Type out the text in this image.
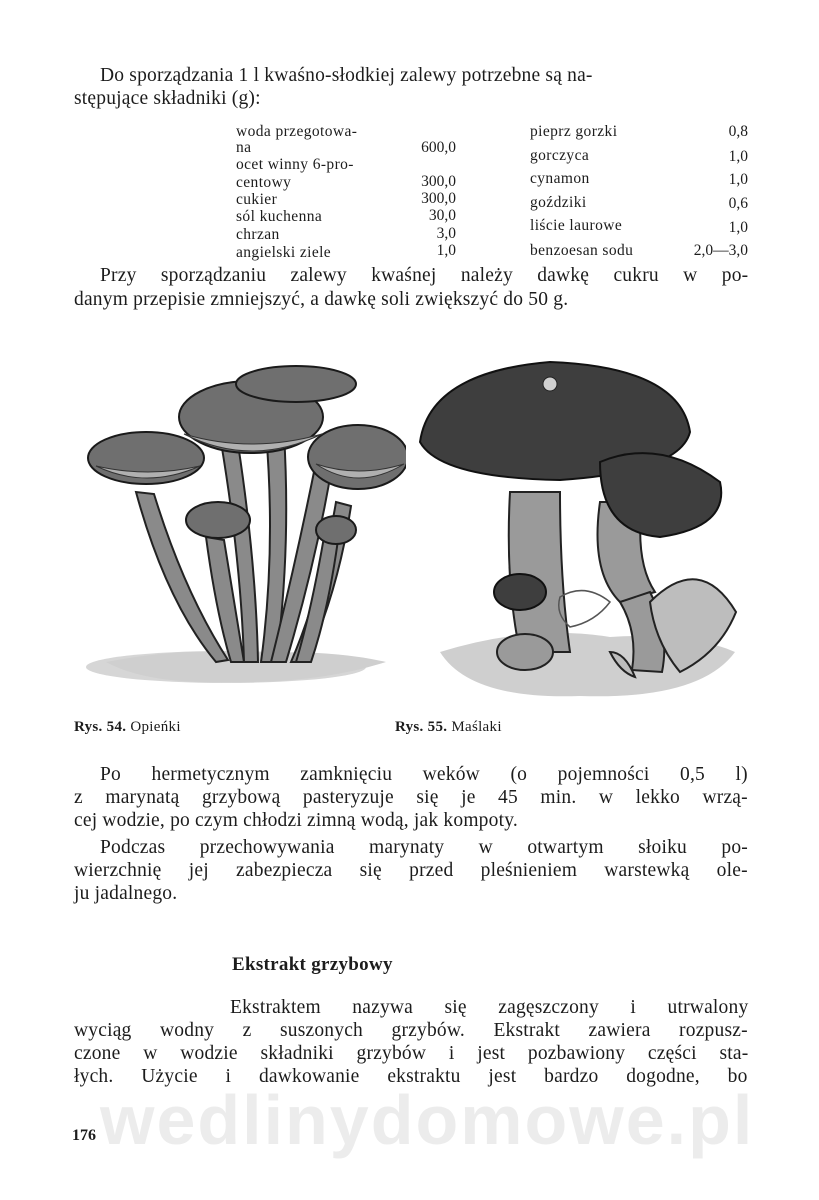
Do sporządzania 1 l kwaśno-słodkiej zalewy potrzebne są na-
stępujące składniki (g):
woda przegotowa-
na	600,0
ocet winny 6-pro-
centowy	300,0
cukier	300,0
sól kuchenna	30,0
chrzan	3,0
angielski ziele	1,0
pieprz gorzki	0,8
gorczyca	1,0
cynamon	1,0
goździki	0,6
liście laurowe	1,0
benzoesan sodu	2,0—3,0
Przy sporządzaniu zalewy kwaśnej należy dawkę cukru w po-
danym przepisie zmniejszyć, a dawkę soli zwiększyć do 50 g.
Rys. 54. Opieńki	Rys. 55. Maślaki
Po hermetycznym zamknięciu weków (o pojemności 0,5 l)
z marynatą grzybową pasteryzuje się je 45 min. w lekko wrzą-
cej wodzie, po czym chłodzi zimną wodą, jak kompoty.
Podczas przechowywania marynaty w otwartym słoiku po-
wierzchnię jej zabezpiecza się przed pleśnieniem warstewką ole-
ju jadalnego.
Ekstrakt grzybowy
Ekstraktem nazywa się zagęszczony i utrwalony
wyciąg wodny z suszonych grzybów. Ekstrakt zawiera rozpusz-
czone w wodzie składniki grzybów i jest pozbawiony części sta-
łych. Użycie i dawkowanie ekstraktu jest bardzo dogodne, bo
wedlinydomowe.pl
176
